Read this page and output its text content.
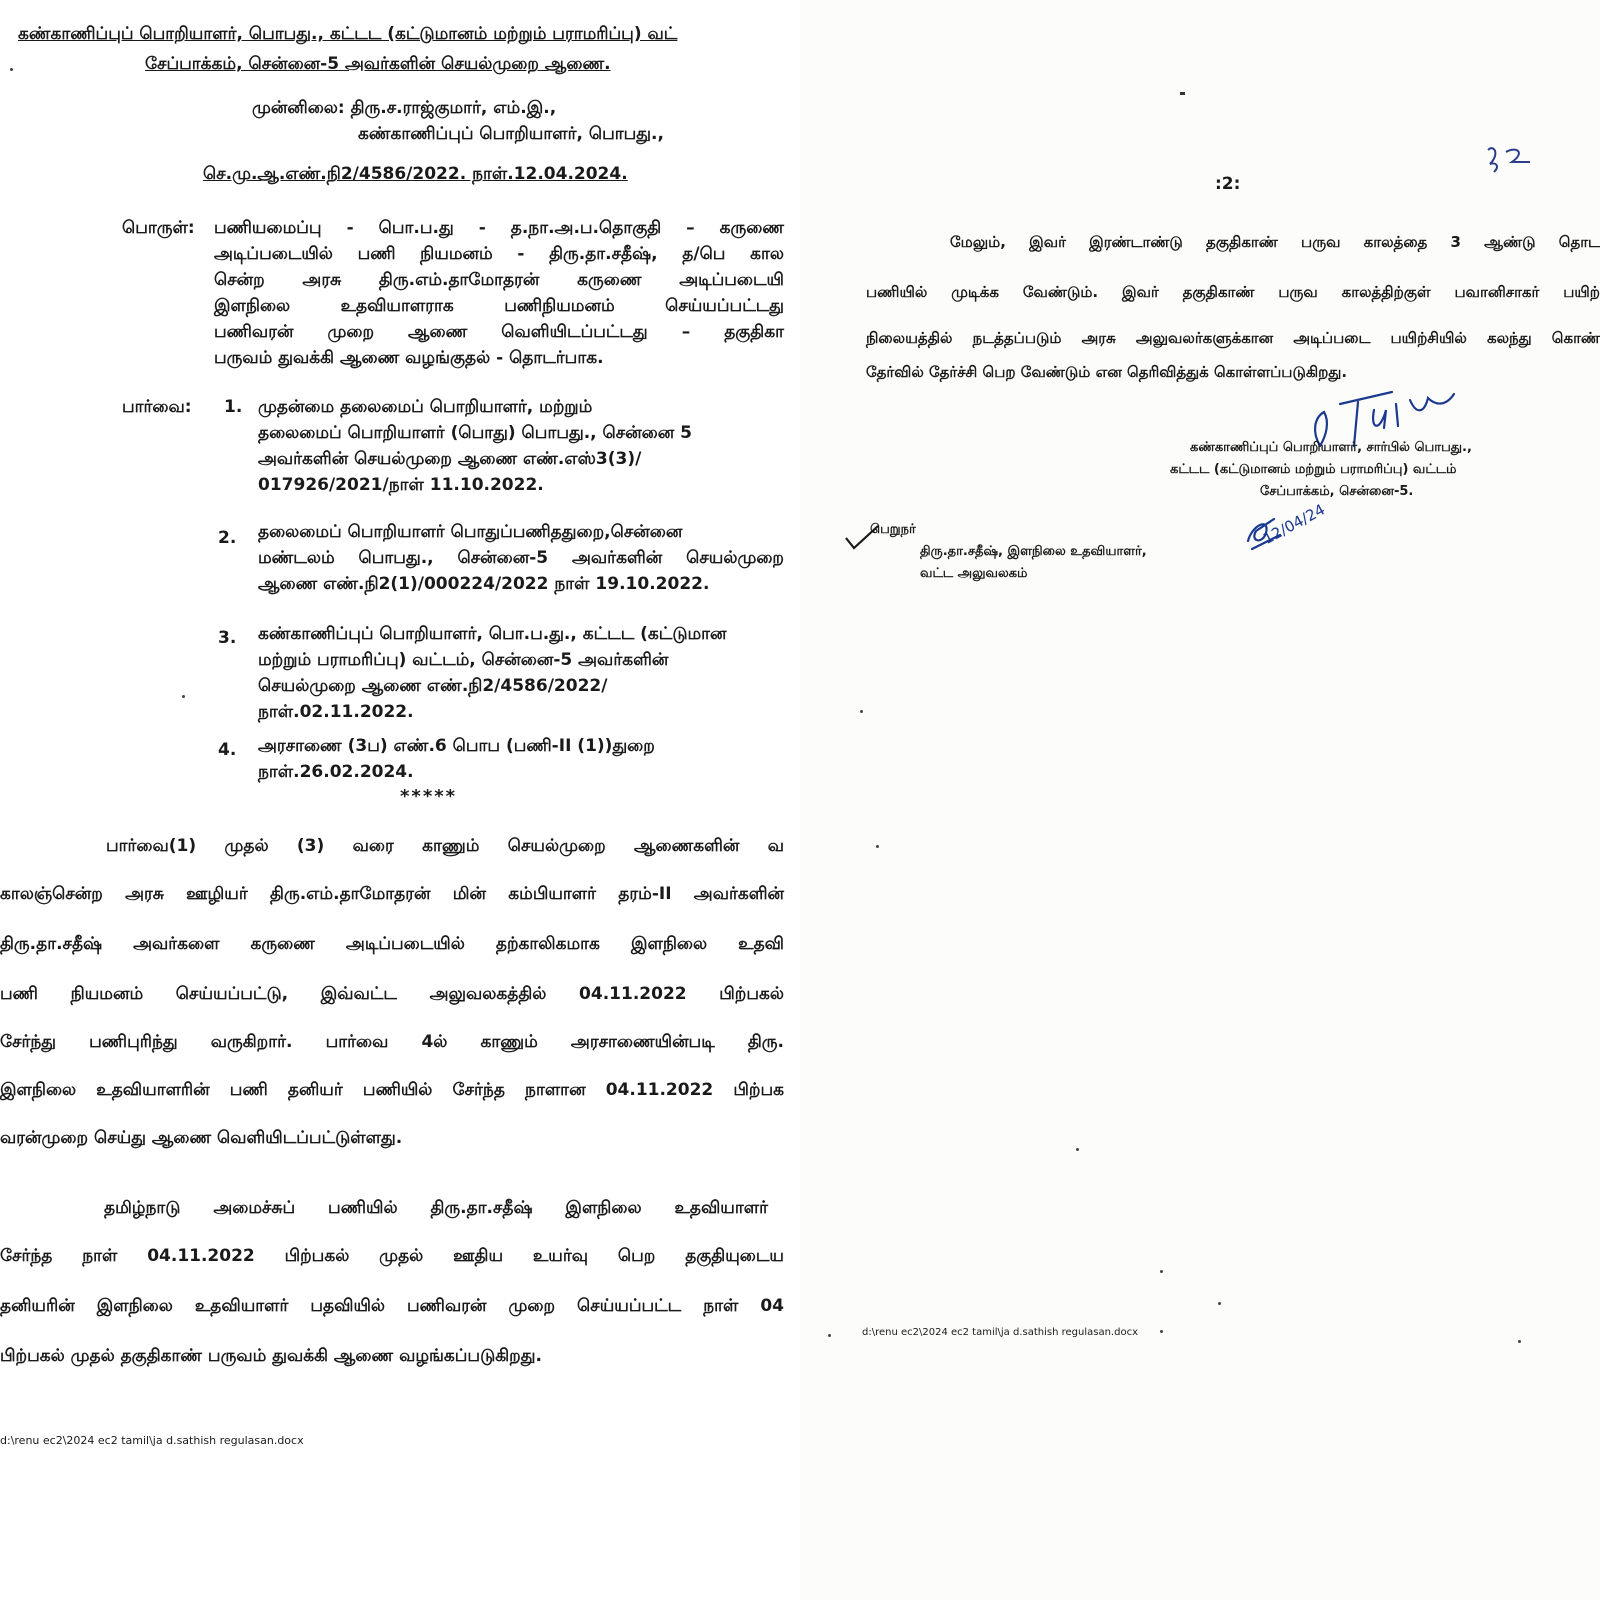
கண்காணிப்புப் பொறியாளர், பொபது., கட்டட (கட்டுமானம் மற்றும் பராமரிப்பு) வட்
சேப்பாக்கம், சென்னை-5 அவர்களின் செயல்முறை ஆணை.
முன்னிலை: திரு.ச.ராஜ்குமார், எம்.இ.,
கண்காணிப்புப் பொறியாளர், பொபது.,
செ.மு.ஆ.எண்.நி2/4586/2022. நாள்.12.04.2024.
பொருள்: பணியமைப்பு - பொ.ப.து - த.நா.அ.ப.தொகுதி – கருணை
அடிப்படையில் பணி நியமனம் - திரு.தா.சதீஷ், த/பெ கால
சென்ற அரசு திரு.எம்.தாமோதரன் கருணை அடிப்படையி
இளநிலை உதவியாளராக பணிநியமனம் செய்யப்பட்டது
பணிவரன் முறை ஆணை வெளியிடப்பட்டது – தகுதிகா
பருவம் துவக்கி ஆணை வழங்குதல் - தொடர்பாக.
பார்வை: 1. முதன்மை தலைமைப் பொறியாளர், மற்றும்
தலைமைப் பொறியாளர் (பொது) பொபது., சென்னை 5
அவர்களின் செயல்முறை ஆணை எண்.எஸ்3(3)/
017926/2021/நாள் 11.10.2022.
2. தலைமைப் பொறியாளர் பொதுப்பணிததுறை,சென்னை
மண்டலம் பொபது., சென்னை-5 அவர்களின் செயல்முறை
ஆணை எண்.நி2(1)/000224/2022 நாள் 19.10.2022.
3. கண்காணிப்புப் பொறியாளர், பொ.ப.து., கட்டட (கட்டுமான
மற்றும் பராமரிப்பு) வட்டம், சென்னை-5 அவர்களின்
செயல்முறை ஆணை எண்.நி2/4586/2022/
நாள்.02.11.2022.
4. அரசாணை (3ப) எண்.6 பொப (பணி-II (1))துறை
நாள்.26.02.2024.
*****
பார்வை(1) முதல் (3) வரை காணும் செயல்முறை ஆணைகளின் வ
காலஞ்சென்ற அரசு ஊழியர் திரு.எம்.தாமோதரன் மின் கம்பியாளர் தரம்-II அவர்களின்
திரு.தா.சதீஷ் அவர்களை கருணை அடிப்படையில் தற்காலிகமாக இளநிலை உதவி
பணி நியமனம் செய்யப்பட்டு, இவ்வட்ட அலுவலகத்தில் 04.11.2022 பிற்பகல்
சேர்ந்து பணிபுரிந்து வருகிறார். பார்வை 4ல் காணும் அரசாணையின்படி திரு.
இளநிலை உதவியாளரின் பணி தனியர் பணியில் சேர்ந்த நாளான 04.11.2022 பிற்பக
வரன்முறை செய்து ஆணை வெளியிடப்பட்டுள்ளது.
தமிழ்நாடு அமைச்சுப் பணியில் திரு.தா.சதீஷ் இளநிலை உதவியாளர்
சேர்ந்த நாள் 04.11.2022 பிற்பகல் முதல் ஊதிய உயர்வு பெற தகுதியுடைய
தனியரின் இளநிலை உதவியாளர் பதவியில் பணிவரன் முறை செய்யப்பட்ட நாள் 04
பிற்பகல் முதல் தகுதிகாண் பருவம் துவக்கி ஆணை வழங்கப்படுகிறது.
d:\renu ec2\2024 ec2 tamil\ja d.sathish regulasan.docx
:2:
மேலும், இவர் இரண்டாண்டு தகுதிகாண் பருவ காலத்தை 3 ஆண்டு தொட
பணியில் முடிக்க வேண்டும். இவர் தகுதிகாண் பருவ காலத்திற்குள் பவானிசாகர் பயிற்
நிலையத்தில் நடத்தப்படும் அரசு அலுவலர்களுக்கான அடிப்படை பயிற்சியில் கலந்து கொண்
தேர்வில் தேர்ச்சி பெற வேண்டும் என தெரிவித்துக் கொள்ளப்படுகிறது.
கண்காணிப்புப் பொறியாளர், சார்பில் பொபது.,
கட்டட (கட்டுமானம் மற்றும் பராமரிப்பு) வட்டம்
சேப்பாக்கம், சென்னை-5.
12/04/24
பெறுநர்
திரு.தா.சதீஷ், இளநிலை உதவியாளர்,
வட்ட அலுவலகம்
d:\renu ec2\2024 ec2 tamil\ja d.sathish regulasan.docx
